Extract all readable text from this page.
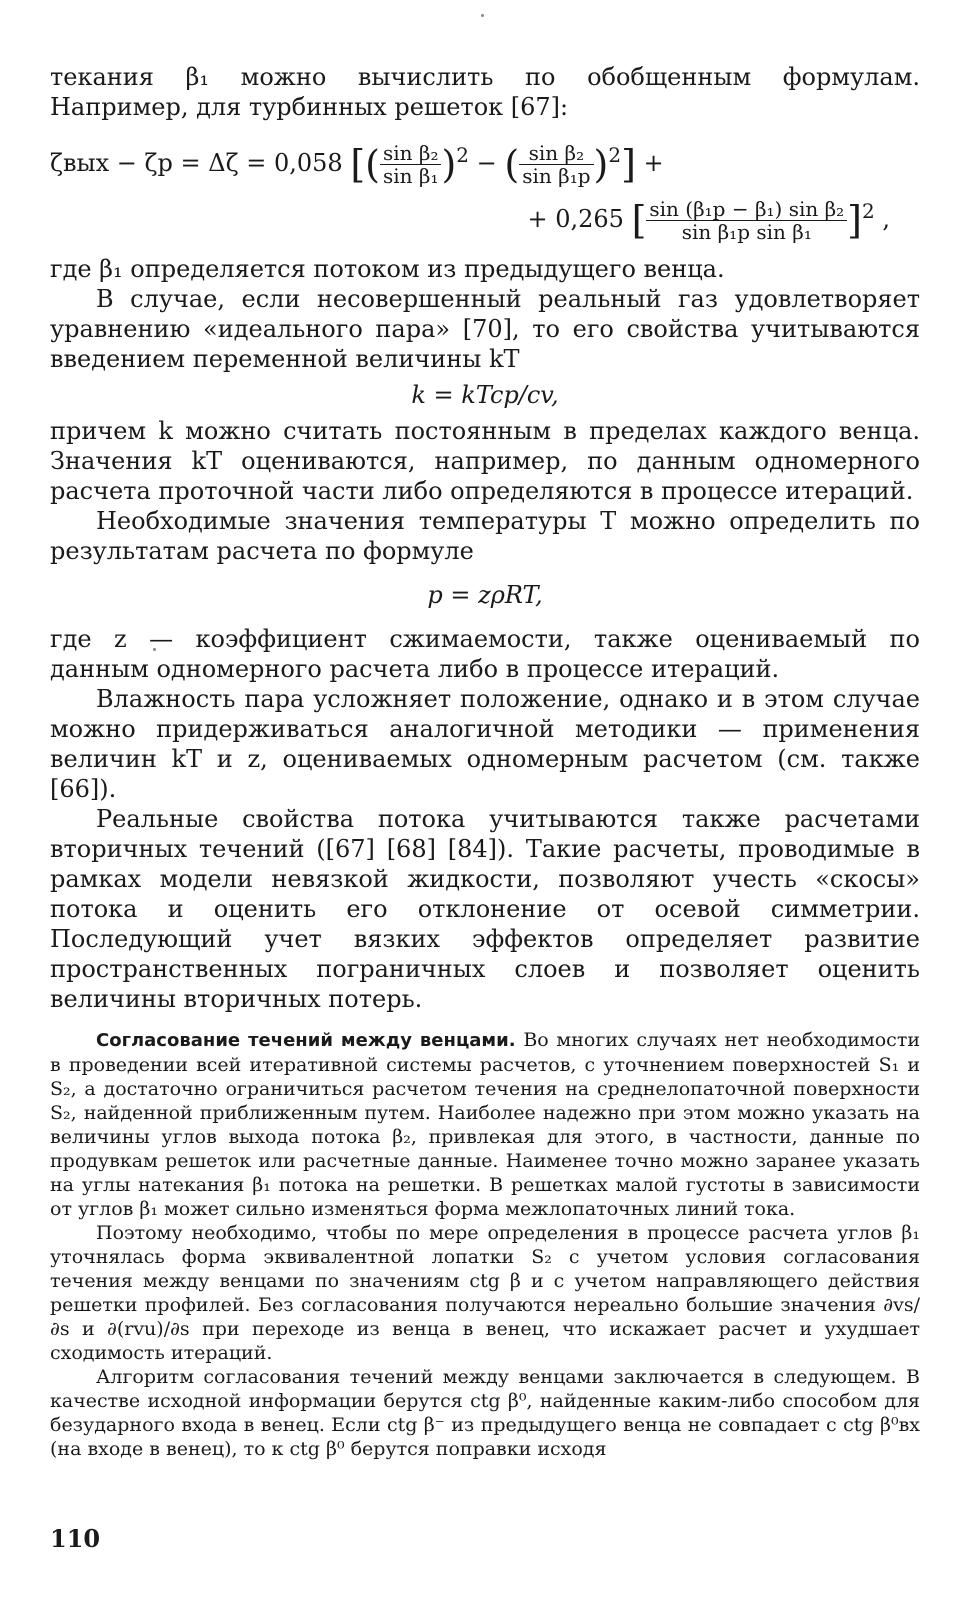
текания β₁ можно вычислить по обобщенным формулам. Например, для турбинных решеток [67]:

ζвых − ζр = Δζ = 0,058 [( $\frac{\text{sin β₂}}{\text{sin β₁}} )^2$ − ( $\frac{\text{sin β₂}}{\text{sin β₁р}} )^2$] +
+ 0,265 [ $\frac{\text{sin (β₁р − β₁) sin β₂}}{\text{sin β₁р sin β₁}} ]^2$ ,

где β₁ определяется потоком из предыдущего венца.

В случае, если несовершенный реальный газ удовлетворяет уравнению «идеального пара» [70], то его свойства учитываются введением переменной величины kT

k = kTcp/cv,

причем k можно считать постоянным в пределах каждого венца. Значения kT оцениваются, например, по данным одномерного расчета проточной части либо определяются в процессе итераций.

Необходимые значения температуры T можно определить по результатам расчета по формуле

p = zρRT,

где z — коэффициент сжимаемости, также оцениваемый по данным одномерного расчета либо в процессе итераций.

Влажность пара усложняет положение, однако и в этом случае можно придерживаться аналогичной методики — применения величин kT и z, оцениваемых одномерным расчетом (см. также [66]).

Реальные свойства потока учитываются также расчетами вторичных течений ([67] [68] [84]). Такие расчеты, проводимые в рамках модели невязкой жидкости, позволяют учесть «скосы» потока и оценить его отклонение от осевой симметрии. Последующий учет вязких эффектов определяет развитие пространственных пограничных слоев и позволяет оценить величины вторичных потерь.

Согласование течений между венцами. Во многих случаях нет необходимости в проведении всей итеративной системы расчетов, с уточнением поверхностей S₁ и S₂, а достаточно ограничиться расчетом течения на среднелопаточной поверхности S₂, найденной приближенным путем. Наиболее надежно при этом можно указать на величины углов выхода потока β₂, привлекая для этого, в частности, данные по продувкам решеток или расчетные данные. Наименее точно можно заранее указать на углы натекания β₁ потока на решетки. В решетках малой густоты в зависимости от углов β₁ может сильно изменяться форма межлопаточных линий тока.

Поэтому необходимо, чтобы по мере определения в процессе расчета углов β₁ уточнялась форма эквивалентной лопатки S₂ с учетом условия согласования течения между венцами по значениям ctg β и с учетом направляющего действия решетки профилей. Без согласования получаются нереально большие значения ∂vs/∂s и ∂(rvu)/∂s при переходе из венца в венец, что искажает расчет и ухудшает сходимость итераций.

Алгоритм согласования течений между венцами заключается в следующем. В качестве исходной информации берутся ctg β⁰, найденные каким-либо способом для безударного входа в венец. Если ctg β⁻ из предыдущего венца не совпадает с ctg β⁰вх (на входе в венец), то к ctg β⁰ берутся поправки исходя

110
